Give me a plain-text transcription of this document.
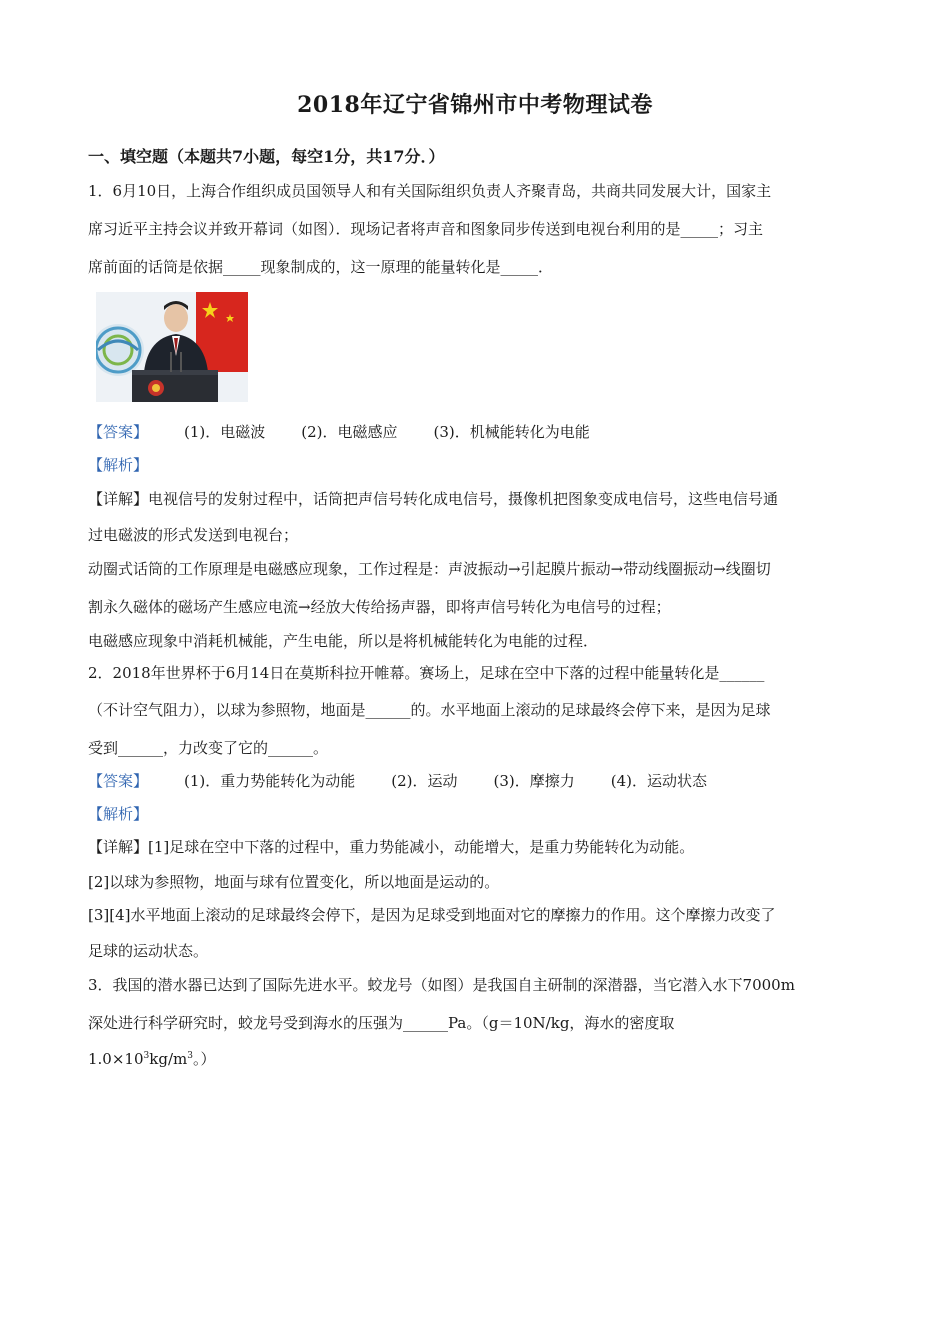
2018年辽宁省锦州市中考物理试卷
一、填空题（本题共7小题，每空1分，共17分．）
1．6月10日，上海合作组织成员国领导人和有关国际组织负责人齐聚青岛，共商共同发展大计，国家主
席习近平主持会议并致开幕词（如图）．现场记者将声音和图象同步传送到电视台利用的是_____；习主
席前面的话筒是依据_____现象制成的，这一原理的能量转化是_____．
【答案】 (1)．电磁波 (2)．电磁感应 (3)．机械能转化为电能
【解析】
【详解】电视信号的发射过程中，话筒把声信号转化成电信号，摄像机把图象变成电信号，这些电信号通
过电磁波的形式发送到电视台；
动圈式话筒的工作原理是电磁感应现象，工作过程是：声波振动→引起膜片振动→带动线圈振动→线圈切
割永久磁体的磁场产生感应电流→经放大传给扬声器，即将声信号转化为电信号的过程；
电磁感应现象中消耗机械能，产生电能，所以是将机械能转化为电能的过程．
2．2018年世界杯于6月14日在莫斯科拉开帷幕。赛场上，足球在空中下落的过程中能量转化是______
（不计空气阻力），以球为参照物，地面是______的。水平地面上滚动的足球最终会停下来，是因为足球
受到______，力改变了它的______。
【答案】 (1)．重力势能转化为动能 (2)．运动 (3)．摩擦力 (4)．运动状态
【解析】
【详解】[1]足球在空中下落的过程中，重力势能减小，动能增大，是重力势能转化为动能。
[2]以球为参照物，地面与球有位置变化，所以地面是运动的。
[3][4]水平地面上滚动的足球最终会停下，是因为足球受到地面对它的摩擦力的作用。这个摩擦力改变了
足球的运动状态。
3．我国的潜水器已达到了国际先进水平。蛟龙号（如图）是我国自主研制的深潜器，当它潜入水下7000m
深处进行科学研究时，蛟龙号受到海水的压强为______Pa。（g＝10N/kg，海水的密度取
$1.0\times 10^3kg/m^3$。）
